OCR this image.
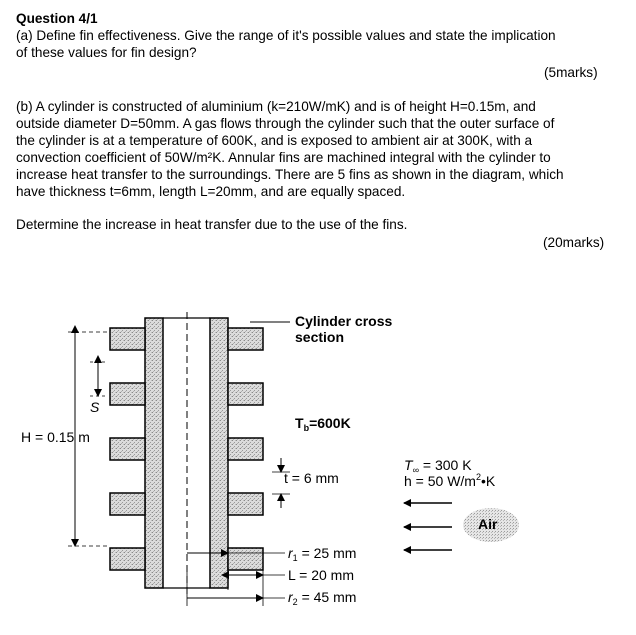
Question 4/1
(a) Define fin effectiveness. Give the range of it's possible values and state the implication
of these values for fin design?
(5marks)
(b) A cylinder is constructed of aluminium (k=210W/mK) and is of height H=0.15m, and
outside diameter D=50mm. A gas flows through the cylinder such that the outer surface of
the cylinder is at a temperature of 600K, and is exposed to ambient air at 300K, with a
convection coefficient of 50W/m²K. Annular fins are machined integral with the cylinder to
increase heat transfer to the surroundings. There are 5 fins as shown in the diagram, which
have thickness t=6mm, length L=20mm, and are equally spaced.
Determine the increase in heat transfer due to the use of the fins.
(20marks)
Cylinder cross
section
$T_b=600K$
H = 0.15 m
S
t = 6 mm
$T_\infty = 300$ K
h = 50 $W/m^2•K$
Air
$r_1 = 25$ mm
L = 20 mm
$r_2 = 45$ mm
